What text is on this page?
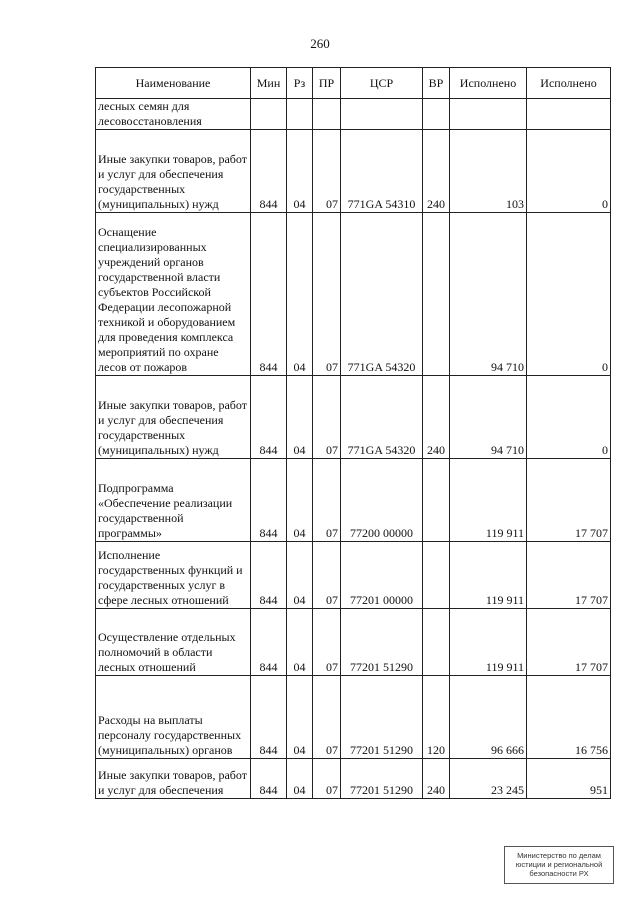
260
Наименование	Мин	Рз	ПР	ЦСР	ВР	Исполнено	Исполнено
лесных семян для лесовосстановления							
Иные закупки товаров, работ и услуг для обеспечения государственных (муниципальных) нужд	844	04	07	771GA 54310	240	103	0
Оснащение специализированных учреждений органов государственной власти субъектов Российской Федерации лесопожарной техникой и оборудованием для проведения комплекса мероприятий по охране лесов от пожаров	844	04	07	771GA 54320		94 710	0
Иные закупки товаров, работ и услуг для обеспечения государственных (муниципальных) нужд	844	04	07	771GA 54320	240	94 710	0
Подпрограмма «Обеспечение реализации государственной программы»	844	04	07	77200 00000		119 911	17 707
Исполнение государственных функций и государственных услуг в сфере лесных отношений	844	04	07	77201 00000		119 911	17 707
Осуществление отдельных полномочий в области лесных отношений	844	04	07	77201 51290		119 911	17 707
Расходы на выплаты персоналу государственных (муниципальных) органов	844	04	07	77201 51290	120	96 666	16 756
Иные закупки товаров, работ и услуг для обеспечения	844	04	07	77201 51290	240	23 245	951
Министерство по делам юстиции и региональной безопасности РХ
